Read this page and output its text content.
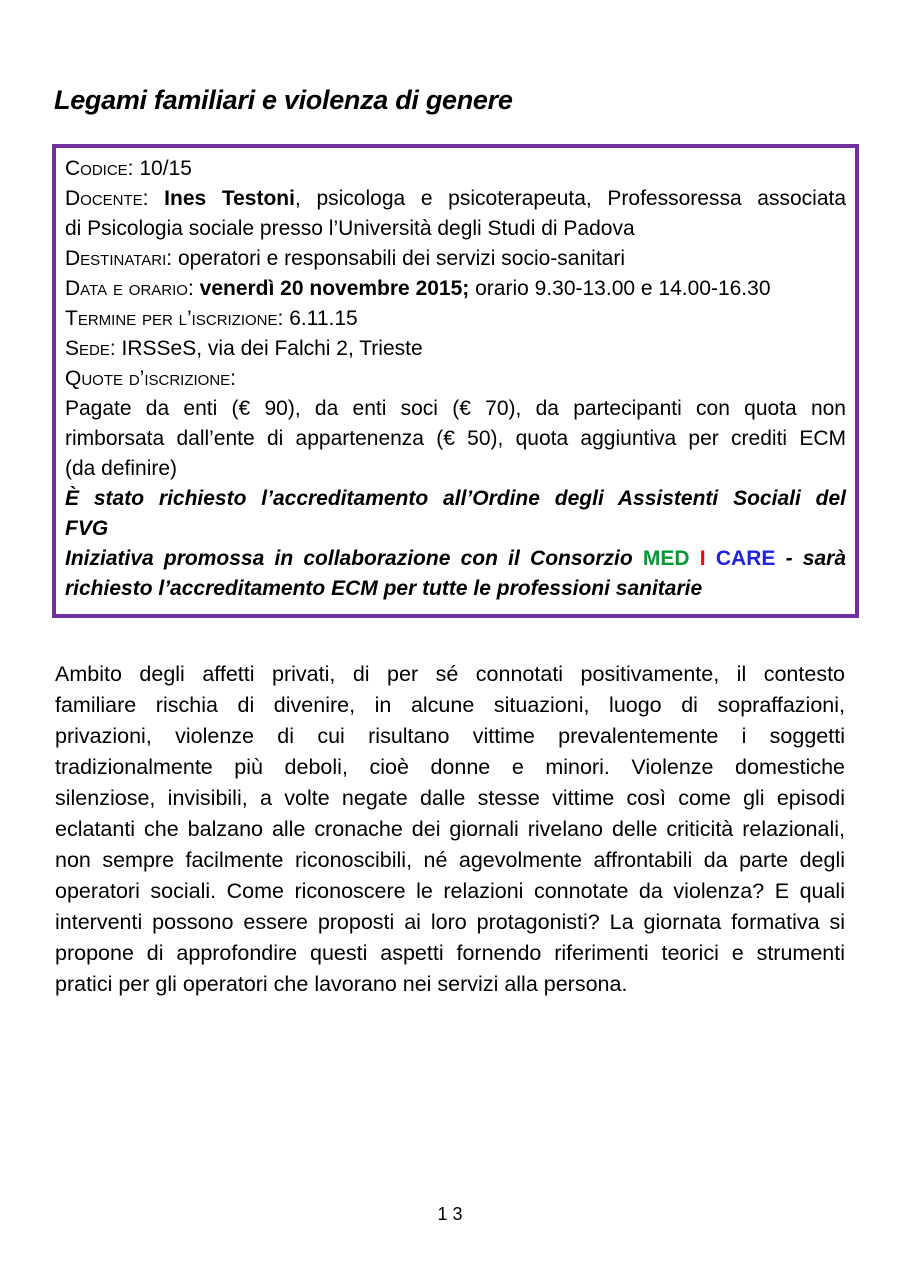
Legami familiari e violenza di genere
Codice: 10/15
Docente: Ines Testoni, psicologa e psicoterapeuta, Professoressa associata
di Psicologia sociale presso l’Università degli Studi di Padova
Destinatari: operatori e responsabili dei servizi socio-sanitari
Data e orario: venerdì 20 novembre 2015; orario 9.30-13.00 e 14.00-16.30
Termine per l’iscrizione: 6.11.15
Sede: IRSSeS, via dei Falchi 2, Trieste
Quote d’iscrizione:
Pagate da enti (€ 90), da enti soci (€ 70), da partecipanti con quota non
rimborsata dall’ente di appartenenza (€ 50), quota aggiuntiva per crediti ECM
(da definire)
È stato richiesto l’accreditamento all’Ordine degli Assistenti Sociali del
FVG
Iniziativa promossa in collaborazione con il Consorzio MED I CARE - sarà
richiesto l’accreditamento ECM per tutte le professioni sanitarie
Ambito degli affetti privati, di per sé connotati positivamente, il contesto
familiare rischia di divenire, in alcune situazioni, luogo di sopraffazioni,
privazioni, violenze di cui risultano vittime prevalentemente i soggetti
tradizionalmente più deboli, cioè donne e minori. Violenze domestiche
silenziose, invisibili, a volte negate dalle stesse vittime così come gli episodi
eclatanti che balzano alle cronache dei giornali rivelano delle criticità relazionali,
non sempre facilmente riconoscibili, né agevolmente affrontabili da parte degli
operatori sociali. Come riconoscere le relazioni connotate da violenza? E quali
interventi possono essere proposti ai loro protagonisti? La giornata formativa si
propone di approfondire questi aspetti fornendo riferimenti teorici e strumenti
pratici per gli operatori che lavorano nei servizi alla persona.
1 3
